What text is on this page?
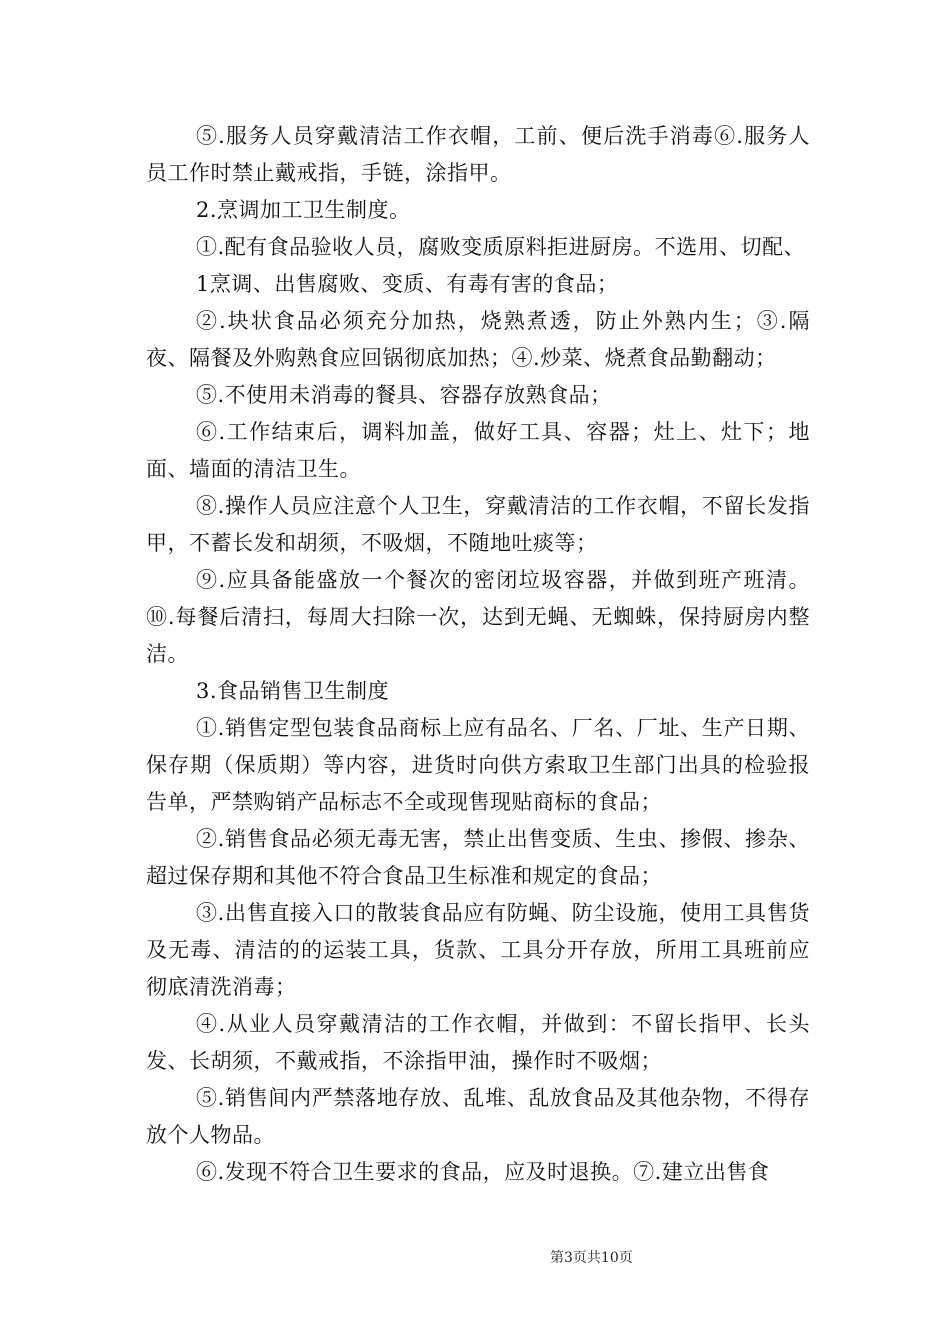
⑤.服务人员穿戴清洁工作衣帽，工前、便后洗手消毒⑥.服务人员工作时禁止戴戒指，手链，涂指甲。

2.烹调加工卫生制度。

①.配有食品验收人员，腐败变质原料拒进厨房。不选用、切配、

1烹调、出售腐败、变质、有毒有害的食品；

②.块状食品必须充分加热，烧熟煮透，防止外熟内生；③.隔夜、隔餐及外购熟食应回锅彻底加热；④.炒菜、烧煮食品勤翻动；

⑤.不使用未消毒的餐具、容器存放熟食品；

⑥.工作结束后，调料加盖，做好工具、容器；灶上、灶下；地面、墙面的清洁卫生。

⑧.操作人员应注意个人卫生，穿戴清洁的工作衣帽，不留长发指甲，不蓄长发和胡须，不吸烟，不随地吐痰等；

⑨.应具备能盛放一个餐次的密闭垃圾容器，并做到班产班清。⑩.每餐后清扫，每周大扫除一次，达到无蝇、无蜘蛛，保持厨房内整洁。

3.食品销售卫生制度

①.销售定型包装食品商标上应有品名、厂名、厂址、生产日期、保存期（保质期）等内容，进货时向供方索取卫生部门出具的检验报告单，严禁购销产品标志不全或现售现贴商标的食品；

②.销售食品必须无毒无害，禁止出售变质、生虫、掺假、掺杂、超过保存期和其他不符合食品卫生标准和规定的食品；

③.出售直接入口的散装食品应有防蝇、防尘设施，使用工具售货及无毒、清洁的的运装工具，货款、工具分开存放，所用工具班前应彻底清洗消毒；

④.从业人员穿戴清洁的工作衣帽，并做到：不留长指甲、长头发、长胡须，不戴戒指，不涂指甲油，操作时不吸烟；

⑤.销售间内严禁落地存放、乱堆、乱放食品及其他杂物，不得存放个人物品。

⑥.发现不符合卫生要求的食品，应及时退换。⑦.建立出售食

第3页共10页
